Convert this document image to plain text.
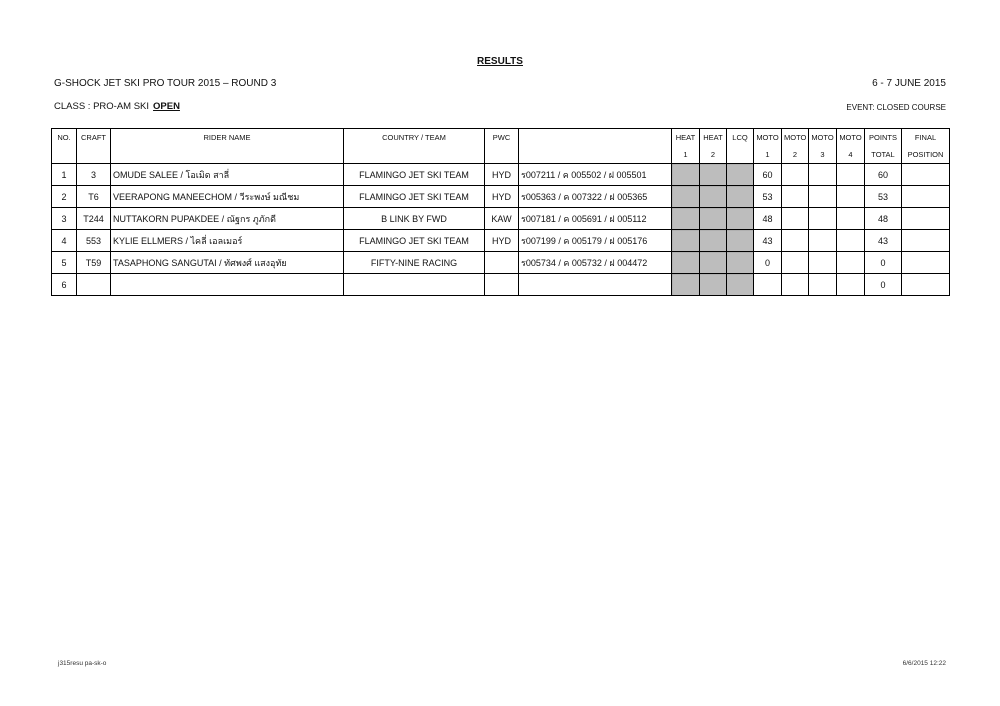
RESULTS
G-SHOCK JET SKI PRO TOUR 2015 – ROUND 3	6 - 7 JUNE 2015
CLASS : PRO-AM SKI OPEN	EVENT: CLOSED COURSE
NO.	CRAFT	RIDER NAME	COUNTRY / TEAM	PWC		HEAT	HEAT	LCQ	MOTO	MOTO	MOTO	MOTO	POINTS	FINAL
						1	2		1	2	3	4	TOTAL	POSITION
1	3	OMUDE SALEE / โอเมิด สาลี่	FLAMINGO JET SKI TEAM	HYD	ร007211 / ค 005502 / ฝ 005501				60				60	
2	T6	VEERAPONG MANEECHOM / วีระพงษ์ มณีชม	FLAMINGO JET SKI TEAM	HYD	ร005363 / ค 007322 / ฝ 005365				53				53	
3	T244	NUTTAKORN PUPAKDEE / ณัฐกร ภูภักดี	B LINK BY FWD	KAW	ร007181 / ค 005691 / ฝ 005112				48				48	
4	553	KYLIE ELLMERS / ไคลี่ เอลเมอร์	FLAMINGO JET SKI TEAM	HYD	ร007199 / ค 005179 / ฝ 005176				43				43	
5	T59	TASAPHONG SANGUTAI / ทัศพงศ์ แสงอุทัย	FIFTY-NINE RACING		ร005734 / ค 005732 / ฝ 004472				0				0	
6													0	
j315resu pa-sk-o	6/6/2015 12:22
